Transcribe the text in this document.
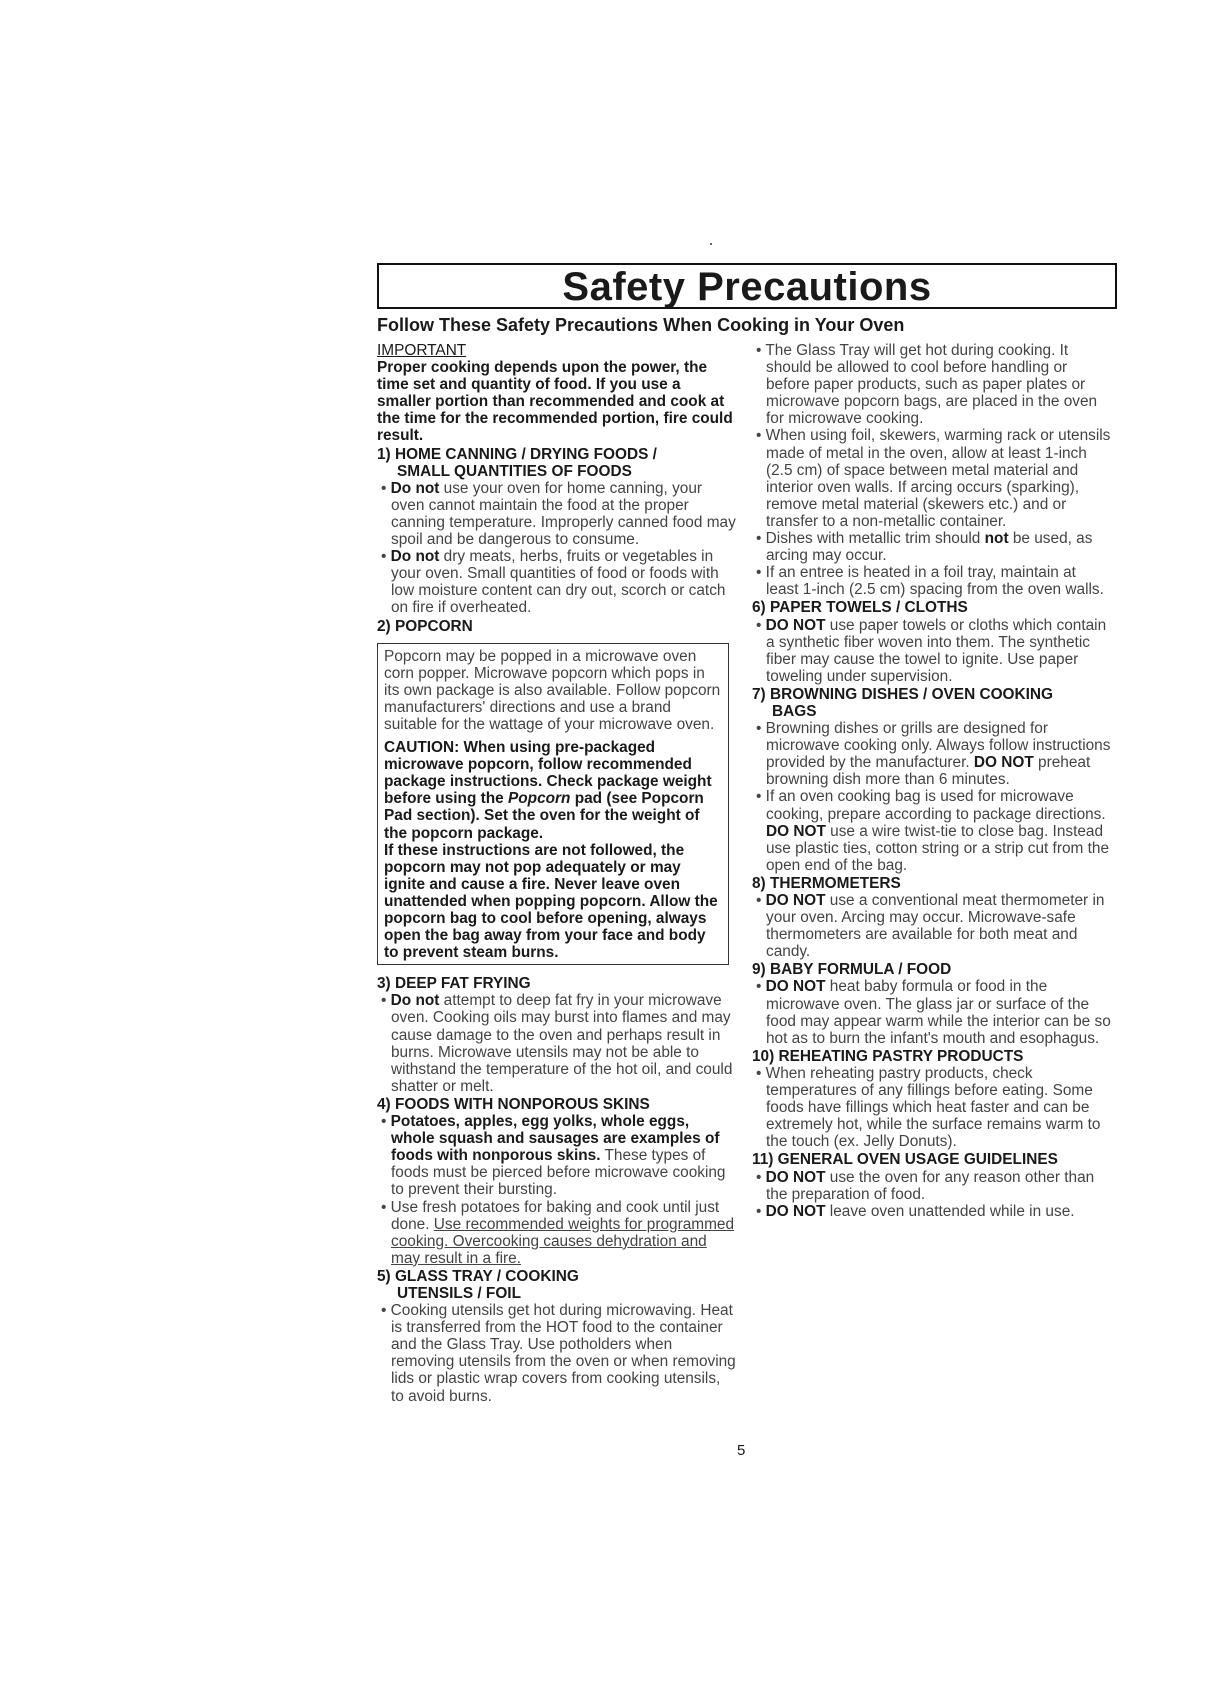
Safety Precautions
Follow These Safety Precautions When Cooking in Your Oven

IMPORTANT

Proper cooking depends upon the power, the time set and quantity of food. If you use a smaller portion than recommended and cook at the time for the recommended portion, fire could result.

1) HOME CANNING / DRYING FOODS /
SMALL QUANTITIES OF FOODS

• Do not use your oven for home canning, your oven cannot maintain the food at the proper canning temperature. Improperly canned food may spoil and be dangerous to consume.

• Do not dry meats, herbs, fruits or vegetables in your oven. Small quantities of food or foods with low moisture content can dry out, scorch or catch on fire if overheated.

2) POPCORN

Popcorn may be popped in a microwave oven corn popper. Microwave popcorn which pops in its own package is also available. Follow popcorn manufacturers' directions and use a brand suitable for the wattage of your microwave oven.

CAUTION: When using pre-packaged microwave popcorn, follow recommended package instructions. Check package weight before using the Popcorn pad (see Popcorn Pad section). Set the oven for the weight of the popcorn package.

If these instructions are not followed, the popcorn may not pop adequately or may ignite and cause a fire. Never leave oven unattended when popping popcorn. Allow the popcorn bag to cool before opening, always open the bag away from your face and body to prevent steam burns.

3) DEEP FAT FRYING

• Do not attempt to deep fat fry in your microwave oven. Cooking oils may burst into flames and may cause damage to the oven and perhaps result in burns. Microwave utensils may not be able to withstand the temperature of the hot oil, and could shatter or melt.

4) FOODS WITH NONPOROUS SKINS

• Potatoes, apples, egg yolks, whole eggs, whole squash and sausages are examples of foods with nonporous skins. These types of foods must be pierced before microwave cooking to prevent their bursting.

• Use fresh potatoes for baking and cook until just done. Use recommended weights for programmed cooking. Overcooking causes dehydration and may result in a fire.

5) GLASS TRAY / COOKING
UTENSILS / FOIL

• Cooking utensils get hot during microwaving. Heat is transferred from the HOT food to the container and the Glass Tray. Use potholders when removing utensils from the oven or when removing lids or plastic wrap covers from cooking utensils, to avoid burns.

• The Glass Tray will get hot during cooking. It should be allowed to cool before handling or before paper products, such as paper plates or microwave popcorn bags, are placed in the oven for microwave cooking.

• When using foil, skewers, warming rack or utensils made of metal in the oven, allow at least 1-inch (2.5 cm) of space between metal material and interior oven walls. If arcing occurs (sparking), remove metal material (skewers etc.) and or transfer to a non-metallic container.

• Dishes with metallic trim should not be used, as arcing may occur.

• If an entree is heated in a foil tray, maintain at least 1-inch (2.5 cm) spacing from the oven walls.

6) PAPER TOWELS / CLOTHS

• DO NOT use paper towels or cloths which contain a synthetic fiber woven into them. The synthetic fiber may cause the towel to ignite. Use paper toweling under supervision.

7) BROWNING DISHES / OVEN COOKING
BAGS

• Browning dishes or grills are designed for microwave cooking only. Always follow instructions provided by the manufacturer. DO NOT preheat browning dish more than 6 minutes.

• If an oven cooking bag is used for microwave cooking, prepare according to package directions. DO NOT use a wire twist-tie to close bag. Instead use plastic ties, cotton string or a strip cut from the open end of the bag.

8) THERMOMETERS

• DO NOT use a conventional meat thermometer in your oven. Arcing may occur. Microwave-safe thermometers are available for both meat and candy.

9) BABY FORMULA / FOOD

• DO NOT heat baby formula or food in the microwave oven. The glass jar or surface of the food may appear warm while the interior can be so hot as to burn the infant's mouth and esophagus.

10) REHEATING PASTRY PRODUCTS

• When reheating pastry products, check temperatures of any fillings before eating. Some foods have fillings which heat faster and can be extremely hot, while the surface remains warm to the touch (ex. Jelly Donuts).

11) GENERAL OVEN USAGE GUIDELINES

• DO NOT use the oven for any reason other than the preparation of food.

• DO NOT leave oven unattended while in use.

5
